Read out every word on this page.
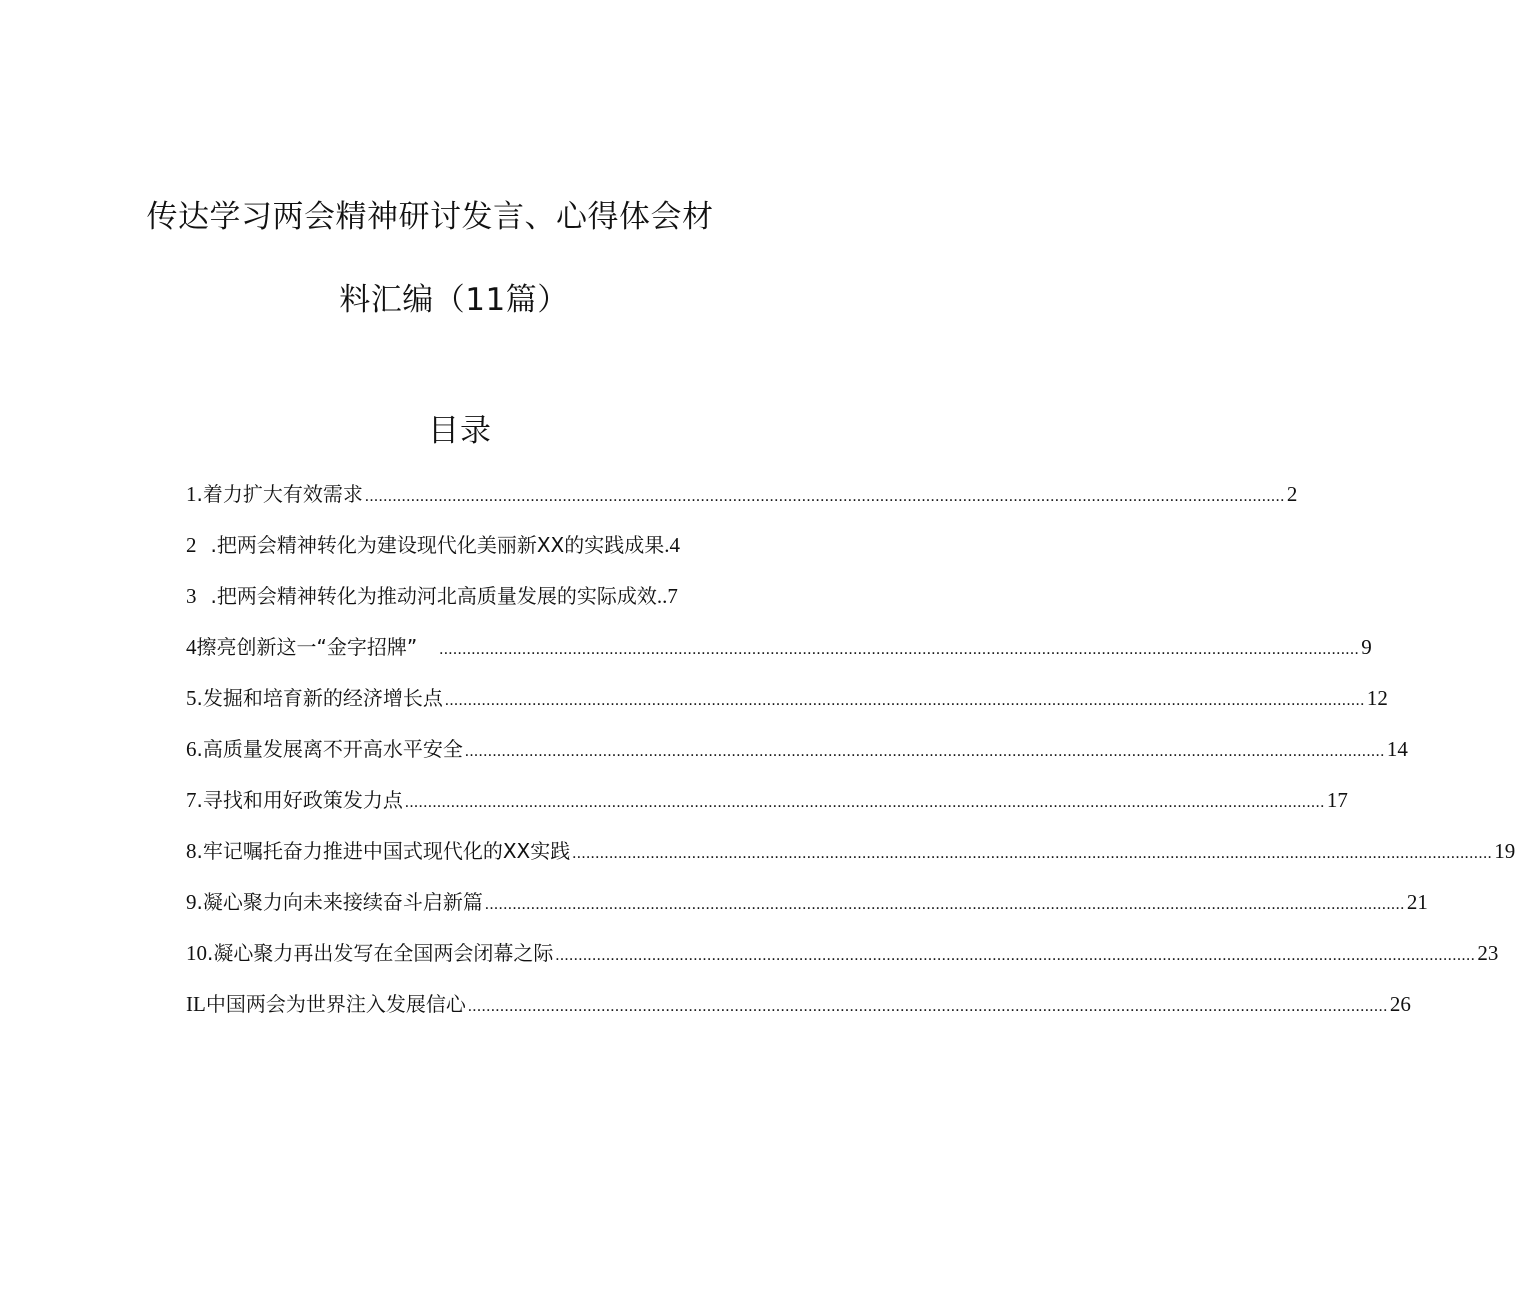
传达学习两会精神研讨发言、心得体会材
料汇编（11篇）
目录
1 .着力扩大有效需求 ........................................................................................................................................................................................................ 2
2 .把两会精神转化为建设现代化美丽新XX的实践成果 .4
3 .把两会精神转化为推动河北高质量发展的实际成效 ..7
4 擦亮创新这一“金字招牌” ........................................................................................................................................................................................................ 9
5 .发掘和培育新的经济增长点 ........................................................................................................................................................................................................ 12
6 .高质量发展离不开高水平安全 ........................................................................................................................................................................................................ 14
7 .寻找和用好政策发力点 ........................................................................................................................................................................................................ 17
8 .牢记嘱托奋力推进中国式现代化的XX实践 ........................................................................................................................................................................................................ 19
9 .凝心聚力向未来接续奋斗启新篇 ........................................................................................................................................................................................................ 21
10 .凝心聚力再出发写在全国两会闭幕之际 ........................................................................................................................................................................................................ 23
IL 中国两会为世界注入发展信心 ........................................................................................................................................................................................................ 26
